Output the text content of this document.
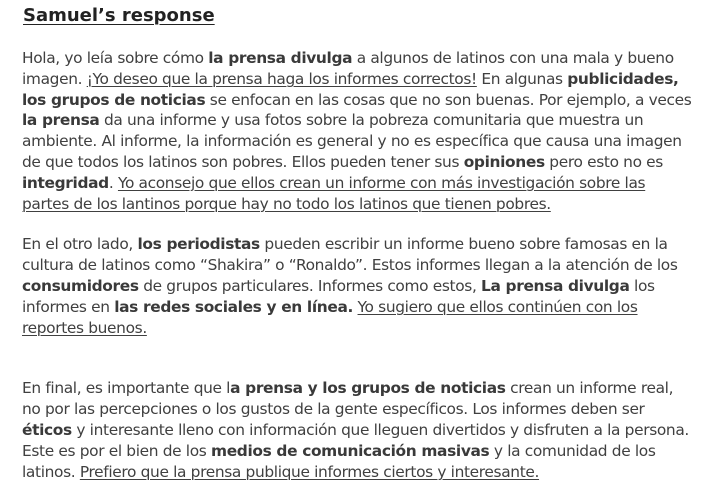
Samuel’s response

Hola, yo leía sobre cómo la prensa divulga a algunos de latinos con una mala y bueno imagen. ¡Yo deseo que la prensa haga los informes correctos! En algunas publicidades, los grupos de noticias se enfocan en las cosas que no son buenas. Por ejemplo, a veces la prensa da una informe y usa fotos sobre la pobreza comunitaria que muestra un ambiente. Al informe, la información es general y no es específica que causa una imagen de que todos los latinos son pobres. Ellos pueden tener sus opiniones pero esto no es integridad. Yo aconsejo que ellos crean un informe con más investigación sobre las partes de los lantinos porque hay no todo los latinos que tienen pobres.

En el otro lado, los periodistas pueden escribir un informe bueno sobre famosas en la cultura de latinos como “Shakira” o “Ronaldo”. Estos informes llegan a la atención de los consumidores de grupos particulares. Informes como estos, La prensa divulga los informes en las redes sociales y en línea. Yo sugiero que ellos continúen con los reportes buenos.

En final, es importante que la prensa y los grupos de noticias crean un informe real, no por las percepciones o los gustos de la gente específicos. Los informes deben ser éticos y interesante lleno con información que lleguen divertidos y disfruten a la persona. Este es por el bien de los medios de comunicación masivas y la comunidad de los latinos. Prefiero que la prensa publique informes ciertos y interesante.
